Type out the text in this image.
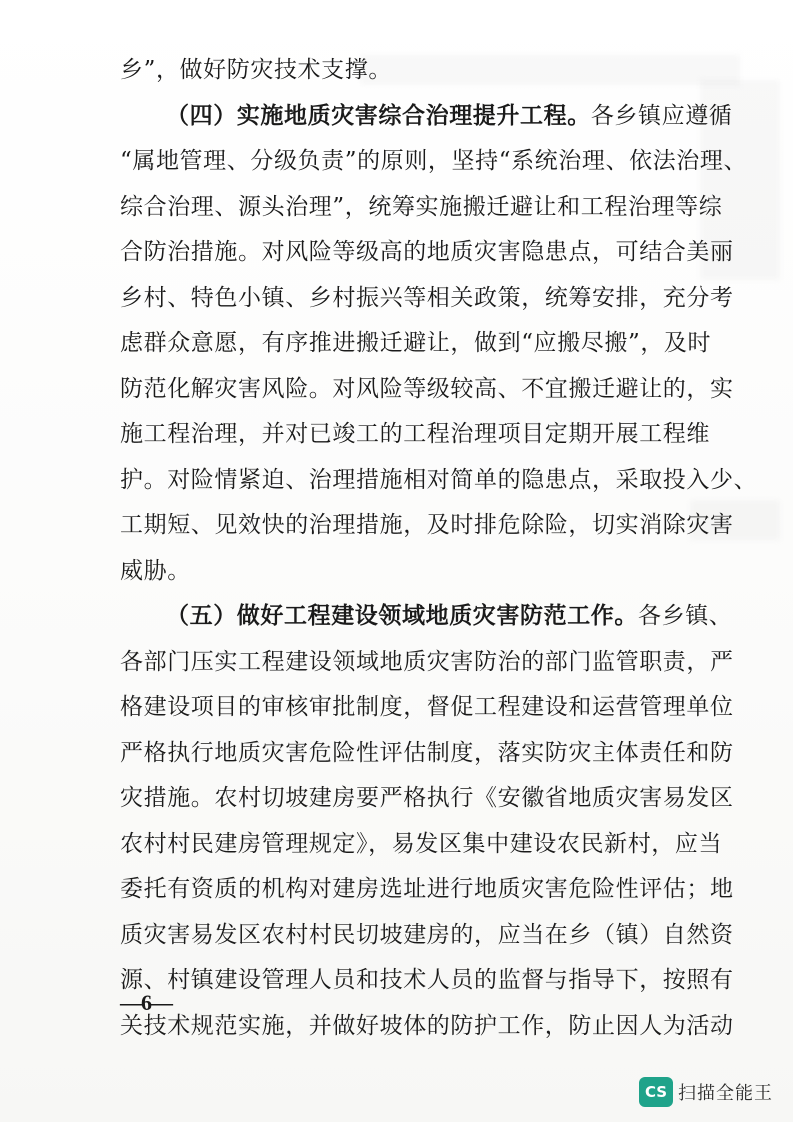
乡”，做好防灾技术支撑。
（四）实施地质灾害综合治理提升工程。各乡镇应遵循
“属地管理、分级负责”的原则，坚持“系统治理、依法治理、
综合治理、源头治理”，统筹实施搬迁避让和工程治理等综
合防治措施。对风险等级高的地质灾害隐患点，可结合美丽
乡村、特色小镇、乡村振兴等相关政策，统筹安排，充分考
虑群众意愿，有序推进搬迁避让，做到“应搬尽搬”，及时
防范化解灾害风险。对风险等级较高、不宜搬迁避让的，实
施工程治理，并对已竣工的工程治理项目定期开展工程维
护。对险情紧迫、治理措施相对简单的隐患点，采取投入少、
工期短、见效快的治理措施，及时排危除险，切实消除灾害
威胁。
（五）做好工程建设领域地质灾害防范工作。各乡镇、
各部门压实工程建设领域地质灾害防治的部门监管职责，严
格建设项目的审核审批制度，督促工程建设和运营管理单位
严格执行地质灾害危险性评估制度，落实防灾主体责任和防
灾措施。农村切坡建房要严格执行《安徽省地质灾害易发区
农村村民建房管理规定》，易发区集中建设农民新村，应当
委托有资质的机构对建房选址进行地质灾害危险性评估；地
质灾害易发区农村村民切坡建房的，应当在乡（镇）自然资
源、村镇建设管理人员和技术人员的监督与指导下，按照有
关技术规范实施，并做好坡体的防护工作，防止因人为活动
—6—
CS 扫描全能王
